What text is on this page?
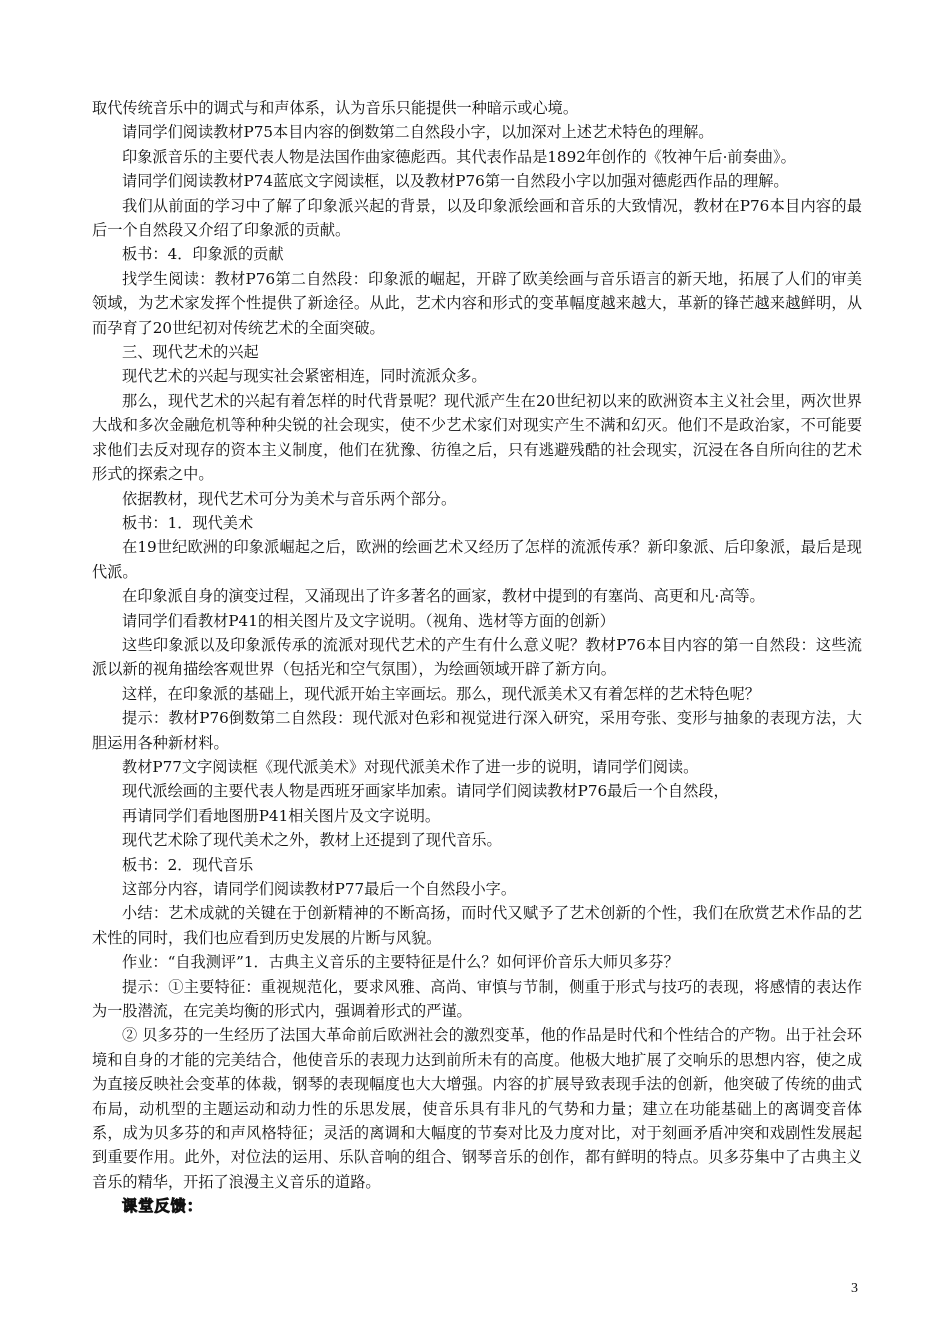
取代传统音乐中的调式与和声体系，认为音乐只能提供一种暗示或心境。

请同学们阅读教材P75本目内容的倒数第二自然段小字，以加深对上述艺术特色的理解。

印象派音乐的主要代表人物是法国作曲家德彪西。其代表作品是1892年创作的《牧神午后·前奏曲》。

请同学们阅读教材P74蓝底文字阅读框，以及教材P76第一自然段小字以加强对德彪西作品的理解。

我们从前面的学习中了解了印象派兴起的背景，以及印象派绘画和音乐的大致情况，教材在P76本目内容的最后一个自然段又介绍了印象派的贡献。

板书：4．印象派的贡献

找学生阅读：教材P76第二自然段：印象派的崛起，开辟了欧美绘画与音乐语言的新天地，拓展了人们的审美领域，为艺术家发挥个性提供了新途径。从此，艺术内容和形式的变革幅度越来越大，革新的锋芒越来越鲜明，从而孕育了20世纪初对传统艺术的全面突破。

三、现代艺术的兴起

现代艺术的兴起与现实社会紧密相连，同时流派众多。

那么，现代艺术的兴起有着怎样的时代背景呢？现代派产生在20世纪初以来的欧洲资本主义社会里，两次世界大战和多次金融危机等种种尖锐的社会现实，使不少艺术家们对现实产生不满和幻灭。他们不是政治家，不可能要求他们去反对现存的资本主义制度，他们在犹豫、彷徨之后，只有逃避残酷的社会现实，沉浸在各自所向往的艺术形式的探索之中。

依据教材，现代艺术可分为美术与音乐两个部分。

板书：1．现代美术

在19世纪欧洲的印象派崛起之后，欧洲的绘画艺术又经历了怎样的流派传承？新印象派、后印象派，最后是现代派。

在印象派自身的演变过程，又涌现出了许多著名的画家，教材中提到的有塞尚、高更和凡·高等。

请同学们看教材P41的相关图片及文字说明。（视角、选材等方面的创新）

这些印象派以及印象派传承的流派对现代艺术的产生有什么意义呢？教材P76本目内容的第一自然段：这些流派以新的视角描绘客观世界（包括光和空气氛围），为绘画领域开辟了新方向。

这样，在印象派的基础上，现代派开始主宰画坛。那么，现代派美术又有着怎样的艺术特色呢？

提示：教材P76倒数第二自然段：现代派对色彩和视觉进行深入研究，采用夸张、变形与抽象的表现方法，大胆运用各种新材料。

教材P77文字阅读框《现代派美术》对现代派美术作了进一步的说明，请同学们阅读。

现代派绘画的主要代表人物是西班牙画家毕加索。请同学们阅读教材P76最后一个自然段，

再请同学们看地图册P41相关图片及文字说明。

现代艺术除了现代美术之外，教材上还提到了现代音乐。

板书：2．现代音乐

这部分内容，请同学们阅读教材P77最后一个自然段小字。

小结：艺术成就的关键在于创新精神的不断高扬，而时代又赋予了艺术创新的个性，我们在欣赏艺术作品的艺术性的同时，我们也应看到历史发展的片断与风貌。

作业：“自我测评”1．古典主义音乐的主要特征是什么？如何评价音乐大师贝多芬？

提示：①主要特征：重视规范化，要求风雅、高尚、审慎与节制，侧重于形式与技巧的表现，将感情的表达作为一股潜流，在完美均衡的形式内，强调着形式的严谨。

② 贝多芬的一生经历了法国大革命前后欧洲社会的激烈变革，他的作品是时代和个性结合的产物。出于社会环境和自身的才能的完美结合，他使音乐的表现力达到前所未有的高度。他极大地扩展了交响乐的思想内容，使之成为直接反映社会变革的体裁，钢琴的表现幅度也大大增强。内容的扩展导致表现手法的创新，他突破了传统的曲式布局，动机型的主题运动和动力性的乐思发展，使音乐具有非凡的气势和力量；建立在功能基础上的离调变音体系，成为贝多芬的和声风格特征；灵活的离调和大幅度的节奏对比及力度对比，对于刻画矛盾冲突和戏剧性发展起到重要作用。此外，对位法的运用、乐队音响的组合、钢琴音乐的创作，都有鲜明的特点。贝多芬集中了古典主义音乐的精华，开拓了浪漫主义音乐的道路。

课堂反馈：

3
